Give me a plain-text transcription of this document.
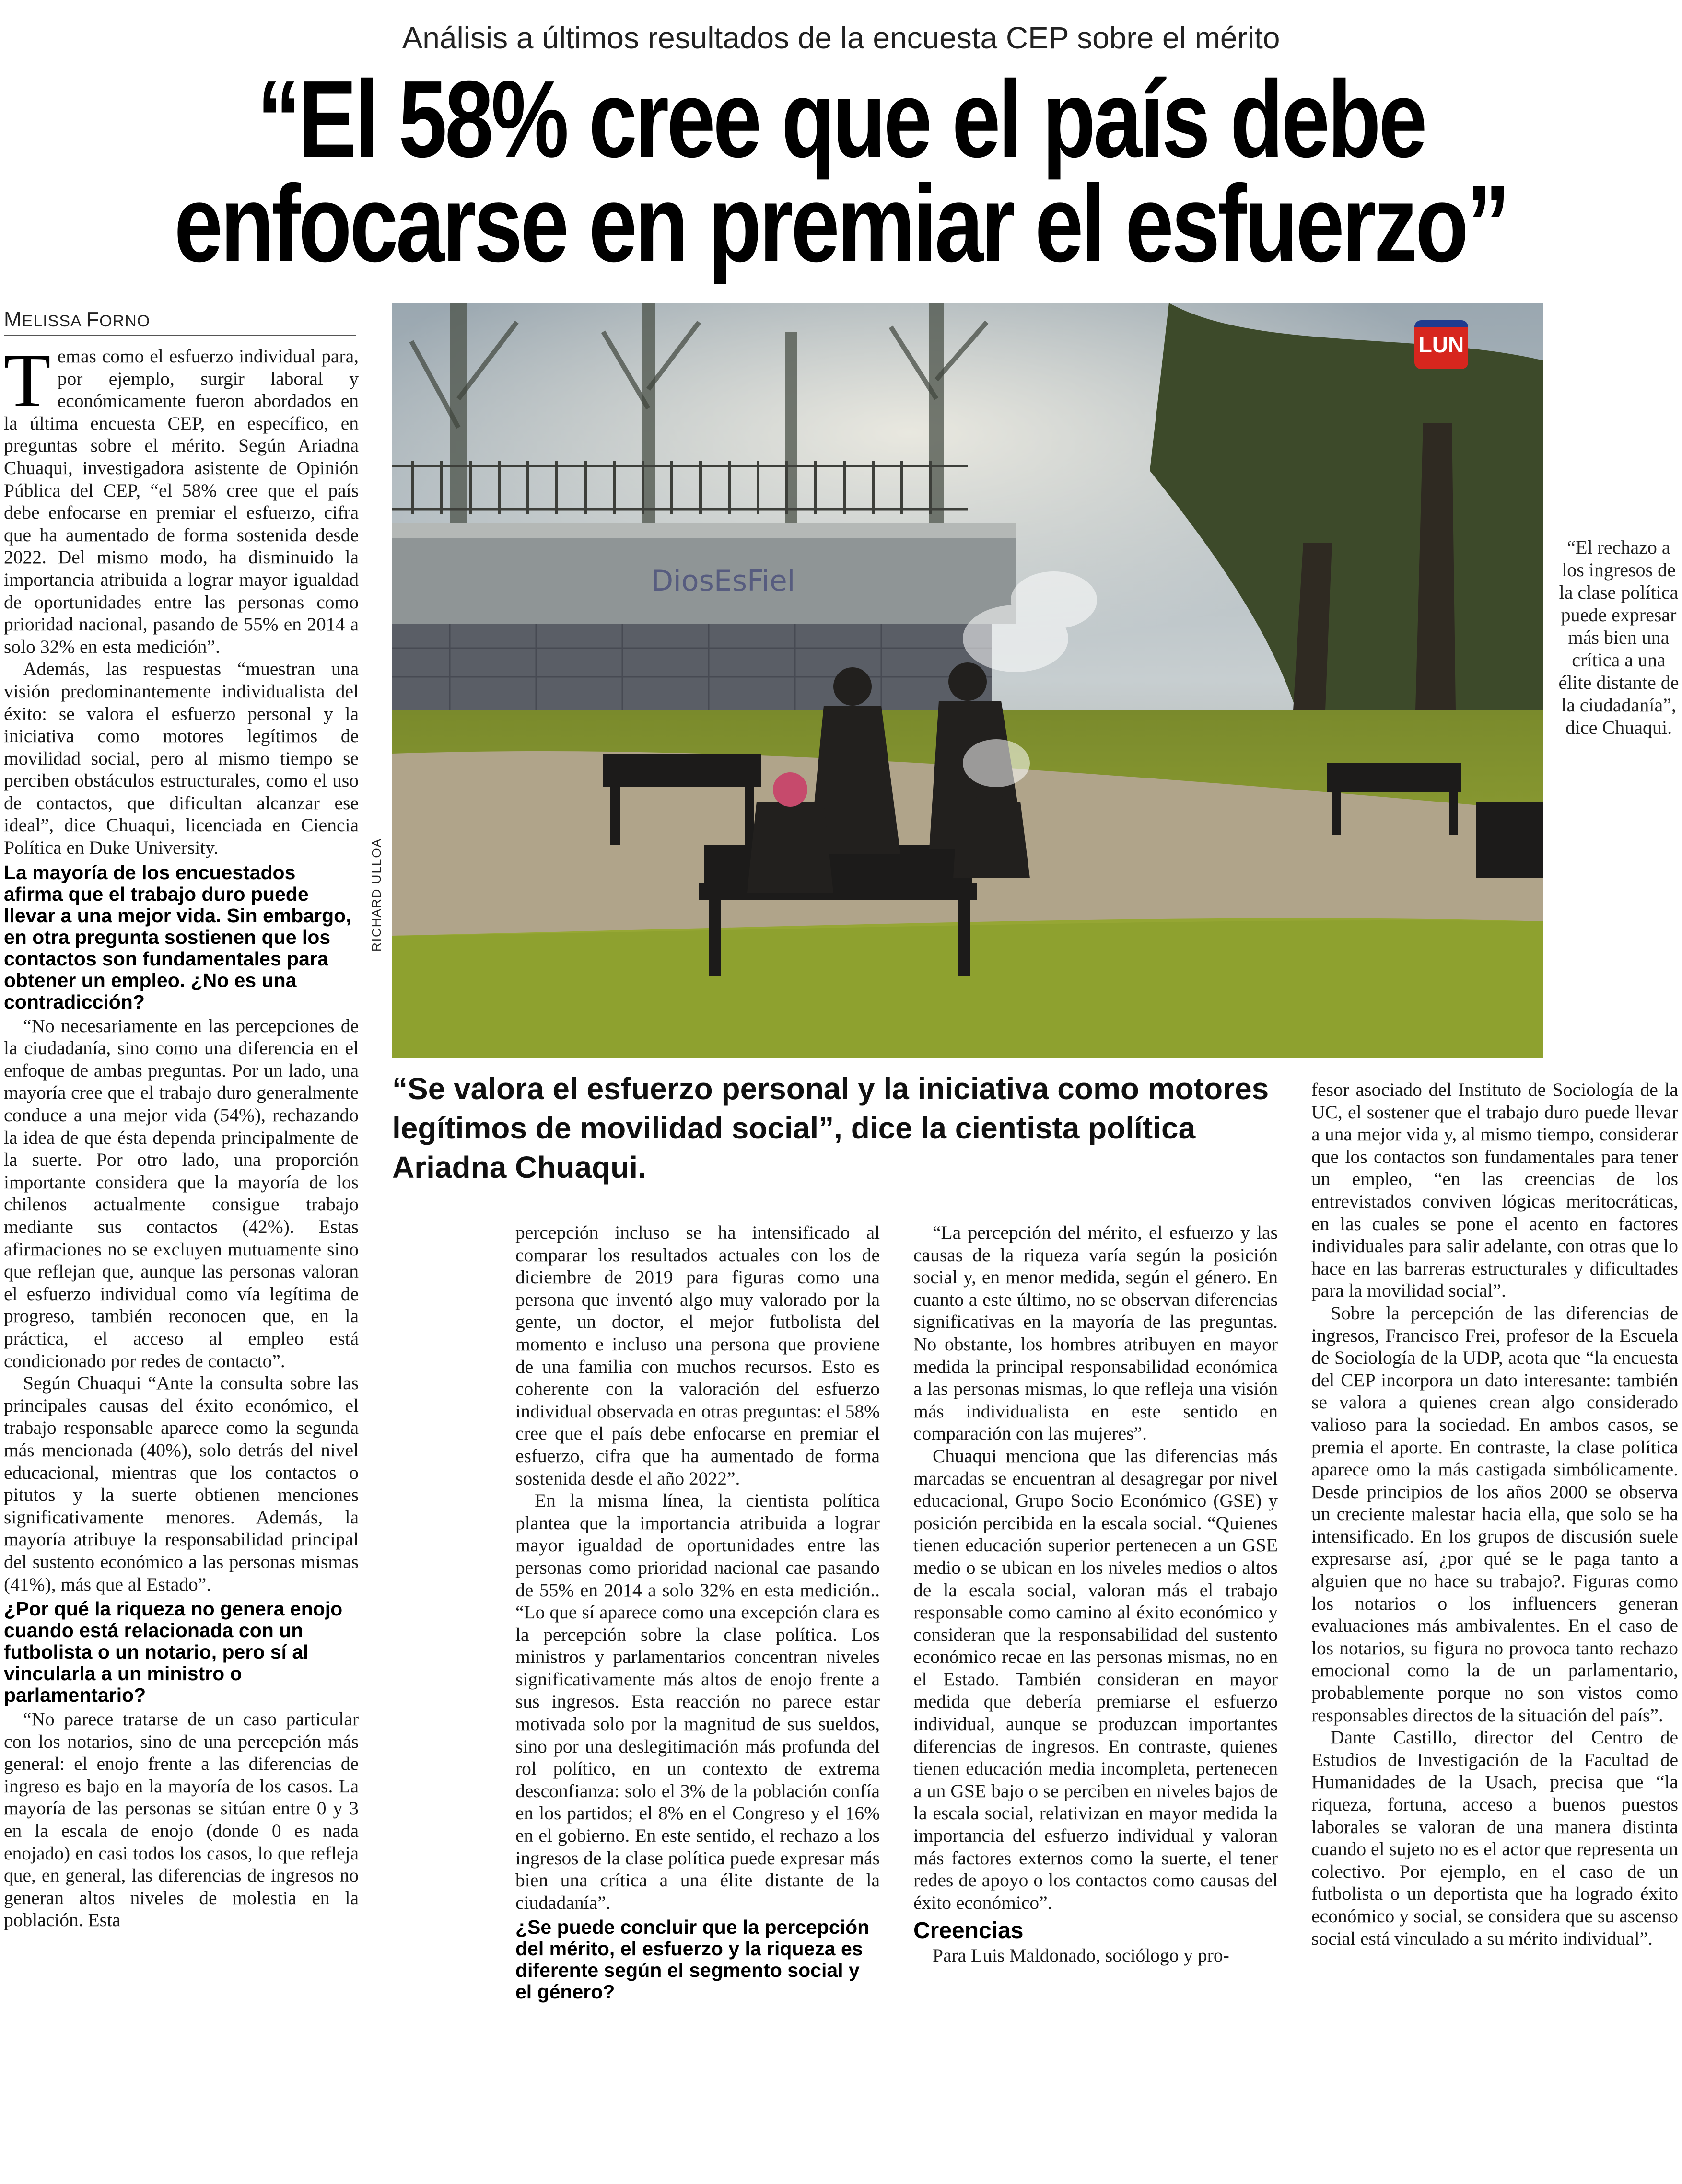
Análisis a últimos resultados de la encuesta CEP sobre el mérito
“El 58% cree que el país debe
enfocarse en premiar el esfuerzo”
MELISSA FORNO

Temas como el esfuerzo individual para, por ejemplo, surgir laboral y económicamente fueron abordados en la última encuesta CEP, en específico, en preguntas sobre el mérito. Según Ariadna Chuaqui, investigadora asistente de Opinión Pública del CEP, “el 58% cree que el país debe enfocarse en premiar el esfuerzo, cifra que ha aumentado de forma sostenida desde 2022. Del mismo modo, ha disminuido la importancia atribuida a lograr mayor igualdad de oportunidades entre las personas como prioridad nacional, pasando de 55% en 2014 a solo 32% en esta medición”.

Además, las respuestas “muestran una visión predominantemente individualista del éxito: se valora el esfuerzo personal y la iniciativa como motores legítimos de movilidad social, pero al mismo tiempo se perciben obstáculos estructurales, como el uso de contactos, que dificultan alcanzar ese ideal”, dice Chuaqui, licenciada en Ciencia Política en Duke University.

La mayoría de los encuestados afirma que el trabajo duro puede llevar a una mejor vida. Sin embargo, en otra pregunta sostienen que los contactos son fundamentales para obtener un empleo. ¿No es una contradicción?

“No necesariamente en las percepciones de la ciudadanía, sino como una diferencia en el enfoque de ambas preguntas. Por un lado, una mayoría cree que el trabajo duro generalmente conduce a una mejor vida (54%), rechazando la idea de que ésta dependa principalmente de la suerte. Por otro lado, una proporción importante considera que la mayoría de los chilenos actualmente consigue trabajo mediante sus contactos (42%). Estas afirmaciones no se excluyen mutuamente sino que reflejan que, aunque las personas valoran el esfuerzo individual como vía legítima de progreso, también reconocen que, en la práctica, el acceso al empleo está condicionado por redes de contacto”.

Según Chuaqui “Ante la consulta sobre las principales causas del éxito económico, el trabajo responsable aparece como la segunda más mencionada (40%), solo detrás del nivel educacional, mientras que los contactos o pitutos y la suerte obtienen menciones significativamente menores. Además, la mayoría atribuye la responsabilidad principal del sustento económico a las personas mismas (41%), más que al Estado”.

¿Por qué la riqueza no genera enojo cuando está relacionada con un futbolista o un notario, pero sí al vincularla a un ministro o parlamentario?

“No parece tratarse de un caso particular con los notarios, sino de una percepción más general: el enojo frente a las diferencias de ingreso es bajo en la mayoría de los casos. La mayoría de las personas se sitúan entre 0 y 3 en la escala de enojo (donde 0 es nada enojado) en casi todos los casos, lo que refleja que, en general, las diferencias de ingresos no generan altos niveles de molestia en la población. Esta

DiosEsFiel
LUN
RICHARD ULLOA
“El rechazo a los ingresos de la clase política puede expresar más bien una crítica a una élite distante de la ciudadanía”, dice Chuaqui.
“Se valora el esfuerzo personal y la iniciativa como motores legítimos de movilidad social”, dice la cientista política Ariadna Chuaqui.

percepción incluso se ha intensificado al comparar los resultados actuales con los de diciembre de 2019 para figuras como una persona que inventó algo muy valorado por la gente, un doctor, el mejor futbolista del momento e incluso una persona que proviene de una familia con muchos recursos. Esto es coherente con la valoración del esfuerzo individual observada en otras preguntas: el 58% cree que el país debe enfocarse en premiar el esfuerzo, cifra que ha aumentado de forma sostenida desde el año 2022”.

En la misma línea, la cientista política plantea que la importancia atribuida a lograr mayor igualdad de oportunidades entre las personas como prioridad nacional cae pasando de 55% en 2014 a solo 32% en esta medición.. “Lo que sí aparece como una excepción clara es la percepción sobre la clase política. Los ministros y parlamentarios concentran niveles significativamente más altos de enojo frente a sus ingresos. Esta reacción no parece estar motivada solo por la magnitud de sus sueldos, sino por una deslegitimación más profunda del rol político, en un contexto de extrema desconfianza: solo el 3% de la población confía en los partidos; el 8% en el Congreso y el 16% en el gobierno. En este sentido, el rechazo a los ingresos de la clase política puede expresar más bien una crítica a una élite distante de la ciudadanía”.

¿Se puede concluir que la percepción del mérito, el esfuerzo y la riqueza es diferente según el segmento social y el género?

“La percepción del mérito, el esfuerzo y las causas de la riqueza varía según la posición social y, en menor medida, según el género. En cuanto a este último, no se observan diferencias significativas en la mayoría de las preguntas. No obstante, los hombres atribuyen en mayor medida la principal responsabilidad económica a las personas mismas, lo que refleja una visión más individualista en este sentido en comparación con las mujeres”.

Chuaqui menciona que las diferencias más marcadas se encuentran al desagregar por nivel educacional, Grupo Socio Económico (GSE) y posición percibida en la escala social. “Quienes tienen educación superior pertenecen a un GSE medio o se ubican en los niveles medios o altos de la escala social, valoran más el trabajo responsable como camino al éxito económico y consideran que la responsabilidad del sustento económico recae en las personas mismas, no en el Estado. También consideran en mayor medida que debería premiarse el esfuerzo individual, aunque se produzcan importantes diferencias de ingresos. En contraste, quienes tienen educación media incompleta, pertenecen a un GSE bajo o se perciben en niveles bajos de la escala social, relativizan en mayor medida la importancia del esfuerzo individual y valoran más factores externos como la suerte, el tener redes de apoyo o los contactos como causas del éxito económico”.

Creencias

Para Luis Maldonado, sociólogo y pro-

fesor asociado del Instituto de Sociología de la UC, el sostener que el trabajo duro puede llevar a una mejor vida y, al mismo tiempo, considerar que los contactos son fundamentales para tener un empleo, “en las creencias de los entrevistados conviven lógicas meritocráticas, en las cuales se pone el acento en factores individuales para salir adelante, con otras que lo hace en las barreras estructurales y dificultades para la movilidad social”.

Sobre la percepción de las diferencias de ingresos, Francisco Frei, profesor de la Escuela de Sociología de la UDP, acota que “la encuesta del CEP incorpora un dato interesante: también se valora a quienes crean algo considerado valioso para la sociedad. En ambos casos, se premia el aporte. En contraste, la clase política aparece omo la más castigada simbólicamente. Desde principios de los años 2000 se observa un creciente malestar hacia ella, que solo se ha intensificado. En los grupos de discusión suele expresarse así, ¿por qué se le paga tanto a alguien que no hace su trabajo?. Figuras como los notarios o los influencers generan evaluaciones más ambivalentes. En el caso de los notarios, su figura no provoca tanto rechazo emocional como la de un parlamentario, probablemente porque no son vistos como responsables directos de la situación del país”.

Dante Castillo, director del Centro de Estudios de Investigación de la Facultad de Humanidades de la Usach, precisa que “la riqueza, fortuna, acceso a buenos puestos laborales se valoran de una manera distinta cuando el sujeto no es el actor que representa un colectivo. Por ejemplo, en el caso de un futbolista o un deportista que ha logrado éxito económico y social, se considera que su ascenso social está vinculado a su mérito individual”.
